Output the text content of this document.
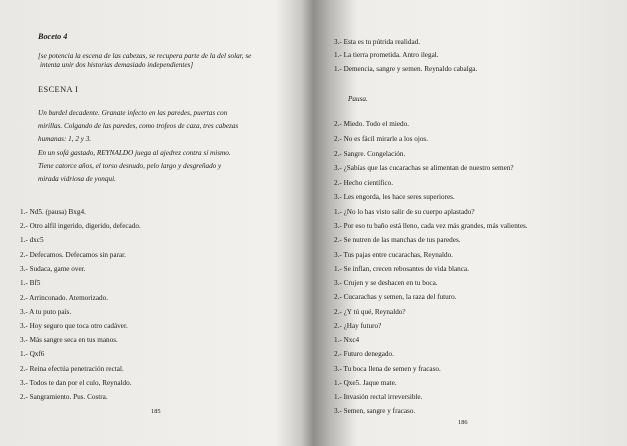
Boceto 4
[se potencia la escena de las cabezas, se recupera parte de la del solar, se
intenta unir dos historias demasiado independientes]
ESCENA I
Un burdel decadente. Granate infecto en las paredes, puertas con
mirillas. Colgando de las paredes, como trofeos de caza, tres cabezas
humanas: 1, 2 y 3.
En un sofá gastado, REYNALDO juega al ajedrez contra sí mismo.
Tiene catorce años, el torso desnudo, pelo largo y desgreñado y
mirada vidriosa de yonqui.
1.- Nd5. (pausa) Bxg4.
2.- Otro alfil ingerido, digerido, defecado.
1.- dxc5
2.- Defecamos. Defecamos sin parar.
3.- Sudaca, game over.
1.- Bf5
2.- Arrinconado. Atemorizado.
3.- A tu puto país.
3.- Hoy seguro que toca otro cadáver.
3.- Más sangre seca en tus manos.
1.- Qxf6
2.- Reina efectúa penetración rectal.
3.- Todos te dan por el culo, Reynaldo.
2.- Sangramiento. Pus. Costra.
185
3.- Esta es tu pútrida realidad.
1.- La tierra prometida. Antro ilegal.
1.- Demencia, sangre y semen. Reynaldo cabalga.
Pausa.
2.- Miedo. Todo el miedo.
2.- No es fácil mirarle a los ojos.
2.- Sangre. Congelación.
3.- ¿Sabías que las cucarachas se alimentan de nuestro semen?
2.- Hecho científico.
3.- Les engorda, les hace seres superiores.
1.- ¿No lo has visto salir de su cuerpo aplastado?
3.- Por eso tu baño está lleno, cada vez más grandes, más valientes.
2.- Se nutren de las manchas de tus paredes.
3.- Tus pajas entre cucarachas, Reynaldo.
1.- Se inflan, crecen rebosantes de vida blanca.
3.- Crujen y se deshacen en tu boca.
2.- Cucarachas y semen, la raza del futuro.
2.- ¿Y tú qué, Reynaldo?
2.- ¿Hay futuro?
1.- Nxc4
2.- Futuro denegado.
3.- Tu boca llena de semen y fracaso.
1.- Qxe5. Jaque mate.
1.- Invasión rectal irreversible.
3.- Semen, sangre y fracaso.
186
